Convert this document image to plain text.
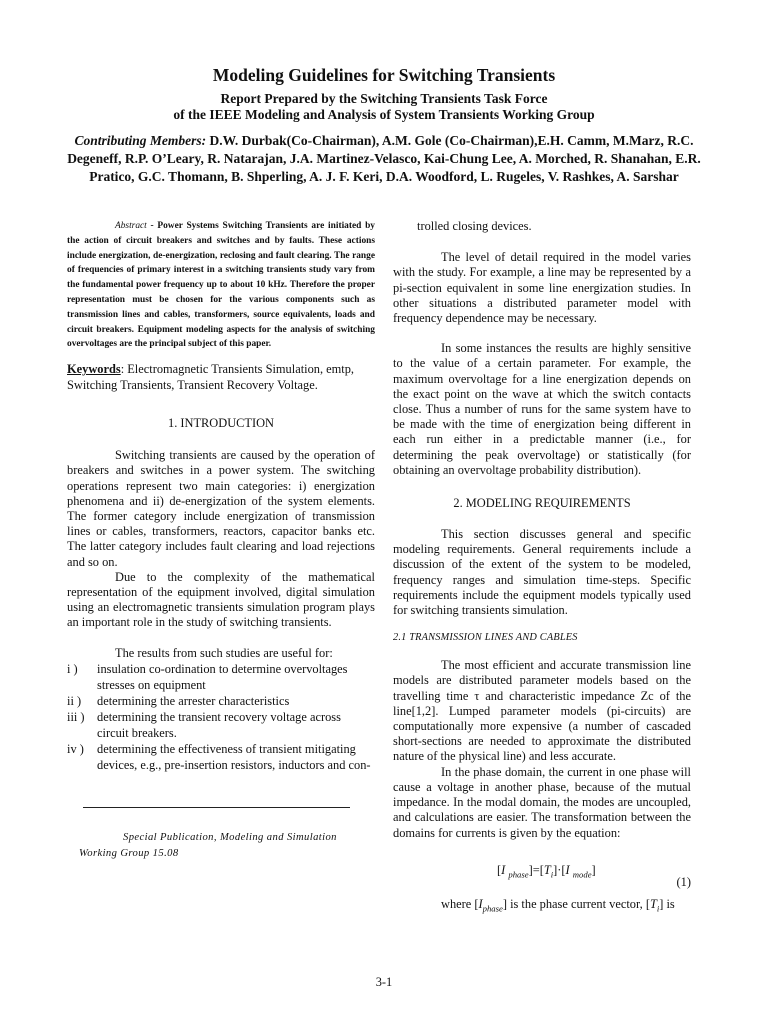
Modeling Guidelines for Switching Transients

Report Prepared by the Switching Transients Task Force

of the IEEE Modeling and Analysis of System Transients Working Group

Contributing Members: D.W. Durbak(Co-Chairman), A.M. Gole (Co-Chairman),E.H. Camm, M.Marz, R.C. Degeneff, R.P. O’Leary, R. Natarajan, J.A. Martinez-Velasco, Kai-Chung Lee, A. Morched, R. Shanahan, E.R. Pratico, G.C. Thomann, B. Shperling, A. J. F. Keri, D.A. Woodford, L. Rugeles, V. Rashkes, A. Sarshar

Abstract - Power Systems Switching Transients are initiated by the action of circuit breakers and switches and by faults. These actions include energization, de-energization, reclosing and fault clearing. The range of frequencies of primary interest in a switching transients study vary from the fundamental power frequency up to about 10 kHz. Therefore the proper representation must be chosen for the various components such as transmission lines and cables, transformers, source equivalents, loads and circuit breakers. Equipment modeling aspects for the analysis of switching overvoltages are the principal subject of this paper.

Keywords: Electromagnetic Transients Simulation, emtp, Switching Transients, Transient Recovery Voltage.

1. INTRODUCTION

Switching transients are caused by the operation of breakers and switches in a power system. The switching operations represent two main categories: i) energization phenomena and ii) de-energization of the system elements. The former category include energization of transmission lines or cables, transformers, reactors, capacitor banks etc. The latter category includes fault clearing and load rejections and so on.

Due to the complexity of the mathematical representation of the equipment involved, digital simulation using an electromagnetic transients simulation program plays an important role in the study of switching transients.

The results from such studies are useful for:

i )	insulation co-ordination to determine overvoltages stresses on equipment
ii )	determining the arrester characteristics
iii )	determining the transient recovery voltage across circuit breakers.
iv )	determining the effectiveness of transient mitigating devices, e.g., pre-insertion resistors, inductors and con-
Special Publication, Modeling and Simulation
Working Group 15.08

trolled closing devices.

The level of detail required in the model varies with the study. For example, a line may be represented by a pi-section equivalent in some line energization studies. In other situations a distributed parameter model with frequency dependence may be necessary.

In some instances the results are highly sensitive to the value of a certain parameter. For example, the maximum overvoltage for a line energization depends on the exact point on the wave at which the switch contacts close. Thus a number of runs for the same system have to be made with the time of energization being different in each run either in a predictable manner (i.e., for determining the peak overvoltage) or statistically (for obtaining an overvoltage probability distribution).

2. MODELING REQUIREMENTS

This section discusses general and specific modeling requirements. General requirements include a discussion of the extent of the system to be modeled, frequency ranges and simulation time-steps. Specific requirements include the equipment models typically used for switching transients simulation.

2.1 TRANSMISSION LINES AND CABLES

The most efficient and accurate transmission line models are distributed parameter models based on the travelling time τ and characteristic impedance Zc of the line[1,2]. Lumped parameter models (pi-circuits) are computationally more expensive (a number of cascaded short-sections are needed to approximate the distributed nature of the physical line) and less accurate.

In the phase domain, the current in one phase will cause a voltage in another phase, because of the mutual impedance. In the modal domain, the modes are uncoupled, and calculations are easier. The transformation between the domains for currents is given by the equation:

[I $_{phase}]=[T_i]\cdot[I$ $_{mode}$]
(1)

where $[I_{phase}]$ is the phase current vector, $[T_i]$ is

3-1
